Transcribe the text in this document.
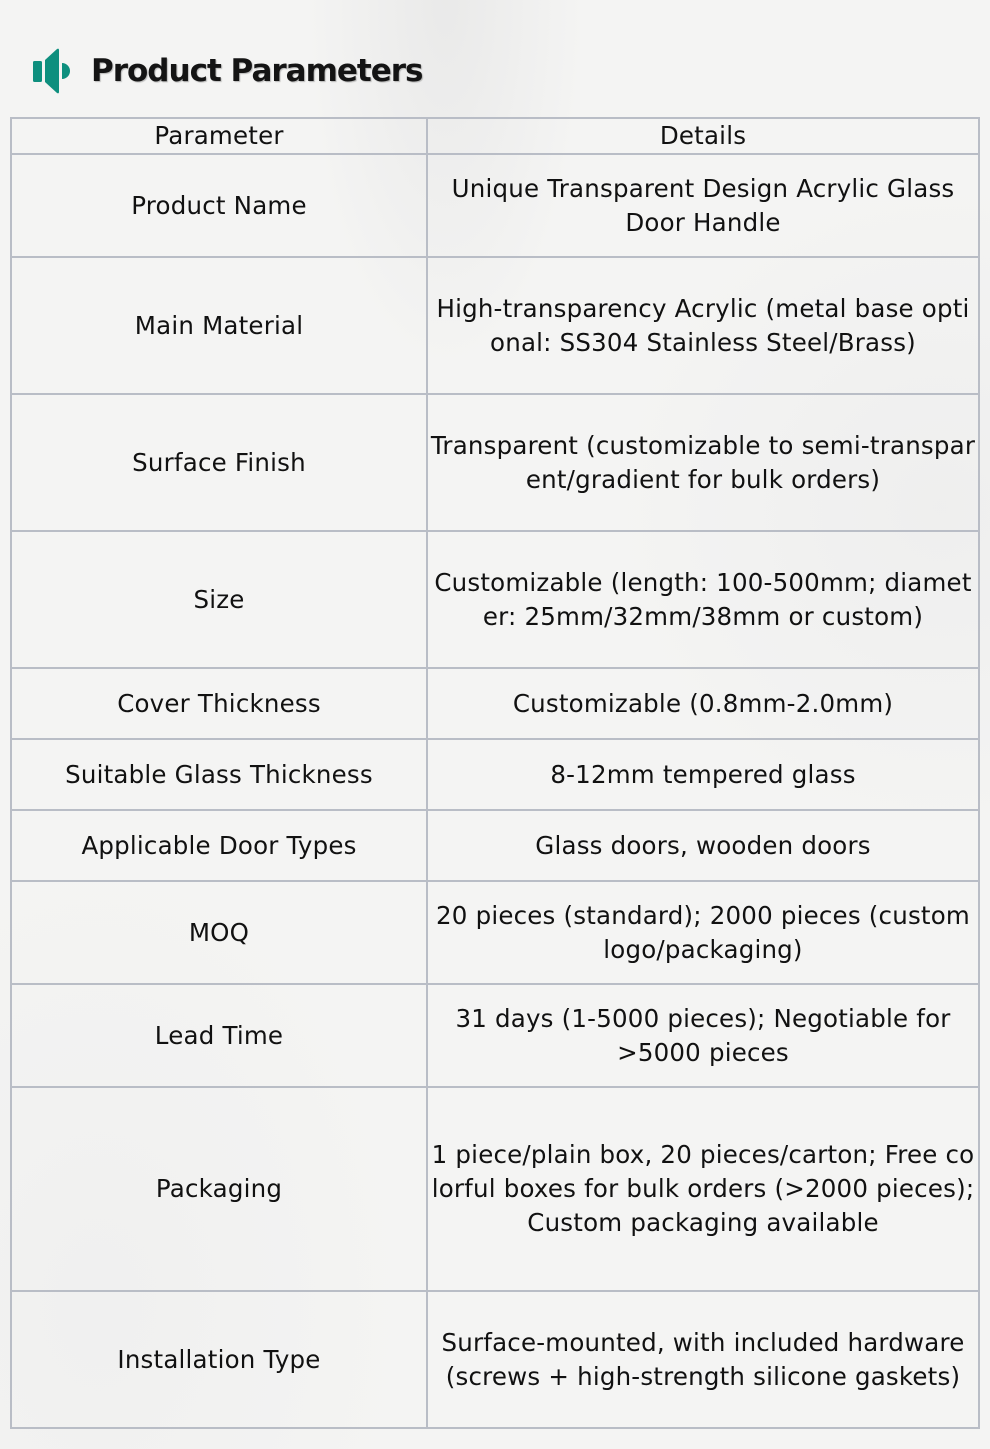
Product Parameters
Parameter	Details
Product Name	Unique Transparent Design Acrylic Glass Door Handle
Main Material	High-transparency Acrylic (metal base optional: SS304 Stainless Steel/Brass)
Surface Finish	Transparent (customizable to semi-transparent/gradient for bulk orders)
Size	Customizable (length: 100-500mm; diameter: 25mm/32mm/38mm or custom)
Cover Thickness	Customizable (0.8mm-2.0mm)
Suitable Glass Thickness	8-12mm tempered glass
Applicable Door Types	Glass doors, wooden doors
MOQ	20 pieces (standard); 2000 pieces (custom logo/packaging)
Lead Time	31 days (1-5000 pieces); Negotiable for >5000 pieces
Packaging	1 piece/plain box, 20 pieces/carton; Free colorful boxes for bulk orders (>2000 pieces); Custom packaging available
Installation Type	Surface-mounted, with included hardware (screws + high-strength silicone gaskets)
